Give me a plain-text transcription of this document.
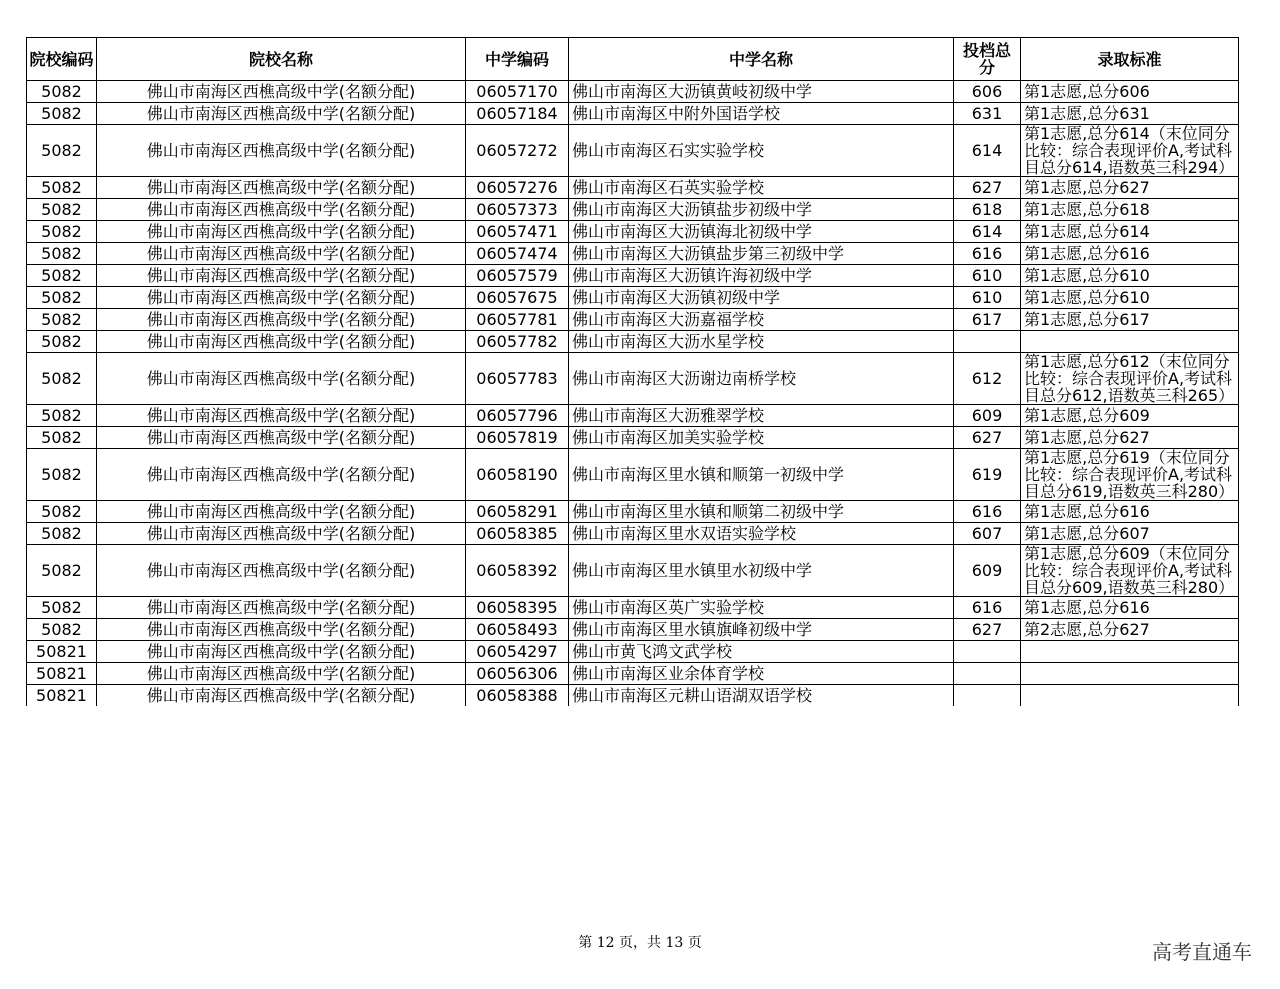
院校编码	院校名称	中学编码	中学名称	投档总分	录取标准
5082	佛山市南海区西樵高级中学(名额分配)	06057170	佛山市南海区大沥镇黄岐初级中学	606	第1志愿,总分606
5082	佛山市南海区西樵高级中学(名额分配)	06057184	佛山市南海区中附外国语学校	631	第1志愿,总分631
5082	佛山市南海区西樵高级中学(名额分配)	06057272	佛山市南海区石实实验学校	614	第1志愿,总分614（末位同分比较：综合表现评价A,考试科目总分614,语数英三科294）
5082	佛山市南海区西樵高级中学(名额分配)	06057276	佛山市南海区石英实验学校	627	第1志愿,总分627
5082	佛山市南海区西樵高级中学(名额分配)	06057373	佛山市南海区大沥镇盐步初级中学	618	第1志愿,总分618
5082	佛山市南海区西樵高级中学(名额分配)	06057471	佛山市南海区大沥镇海北初级中学	614	第1志愿,总分614
5082	佛山市南海区西樵高级中学(名额分配)	06057474	佛山市南海区大沥镇盐步第三初级中学	616	第1志愿,总分616
5082	佛山市南海区西樵高级中学(名额分配)	06057579	佛山市南海区大沥镇许海初级中学	610	第1志愿,总分610
5082	佛山市南海区西樵高级中学(名额分配)	06057675	佛山市南海区大沥镇初级中学	610	第1志愿,总分610
5082	佛山市南海区西樵高级中学(名额分配)	06057781	佛山市南海区大沥嘉福学校	617	第1志愿,总分617
5082	佛山市南海区西樵高级中学(名额分配)	06057782	佛山市南海区大沥水星学校		
5082	佛山市南海区西樵高级中学(名额分配)	06057783	佛山市南海区大沥谢边南桥学校	612	第1志愿,总分612（末位同分比较：综合表现评价A,考试科目总分612,语数英三科265）
5082	佛山市南海区西樵高级中学(名额分配)	06057796	佛山市南海区大沥雅翠学校	609	第1志愿,总分609
5082	佛山市南海区西樵高级中学(名额分配)	06057819	佛山市南海区加美实验学校	627	第1志愿,总分627
5082	佛山市南海区西樵高级中学(名额分配)	06058190	佛山市南海区里水镇和顺第一初级中学	619	第1志愿,总分619（末位同分比较：综合表现评价A,考试科目总分619,语数英三科280）
5082	佛山市南海区西樵高级中学(名额分配)	06058291	佛山市南海区里水镇和顺第二初级中学	616	第1志愿,总分616
5082	佛山市南海区西樵高级中学(名额分配)	06058385	佛山市南海区里水双语实验学校	607	第1志愿,总分607
5082	佛山市南海区西樵高级中学(名额分配)	06058392	佛山市南海区里水镇里水初级中学	609	第1志愿,总分609（末位同分比较：综合表现评价A,考试科目总分609,语数英三科280）
5082	佛山市南海区西樵高级中学(名额分配)	06058395	佛山市南海区英广实验学校	616	第1志愿,总分616
5082	佛山市南海区西樵高级中学(名额分配)	06058493	佛山市南海区里水镇旗峰初级中学	627	第2志愿,总分627
50821	佛山市南海区西樵高级中学(名额分配)	06054297	佛山市黄飞鸿文武学校		
50821	佛山市南海区西樵高级中学(名额分配)	06056306	佛山市南海区业余体育学校		
50821	佛山市南海区西樵高级中学(名额分配)	06058388	佛山市南海区元耕山语湖双语学校		
第 12 页，共 13 页	高考直通车
